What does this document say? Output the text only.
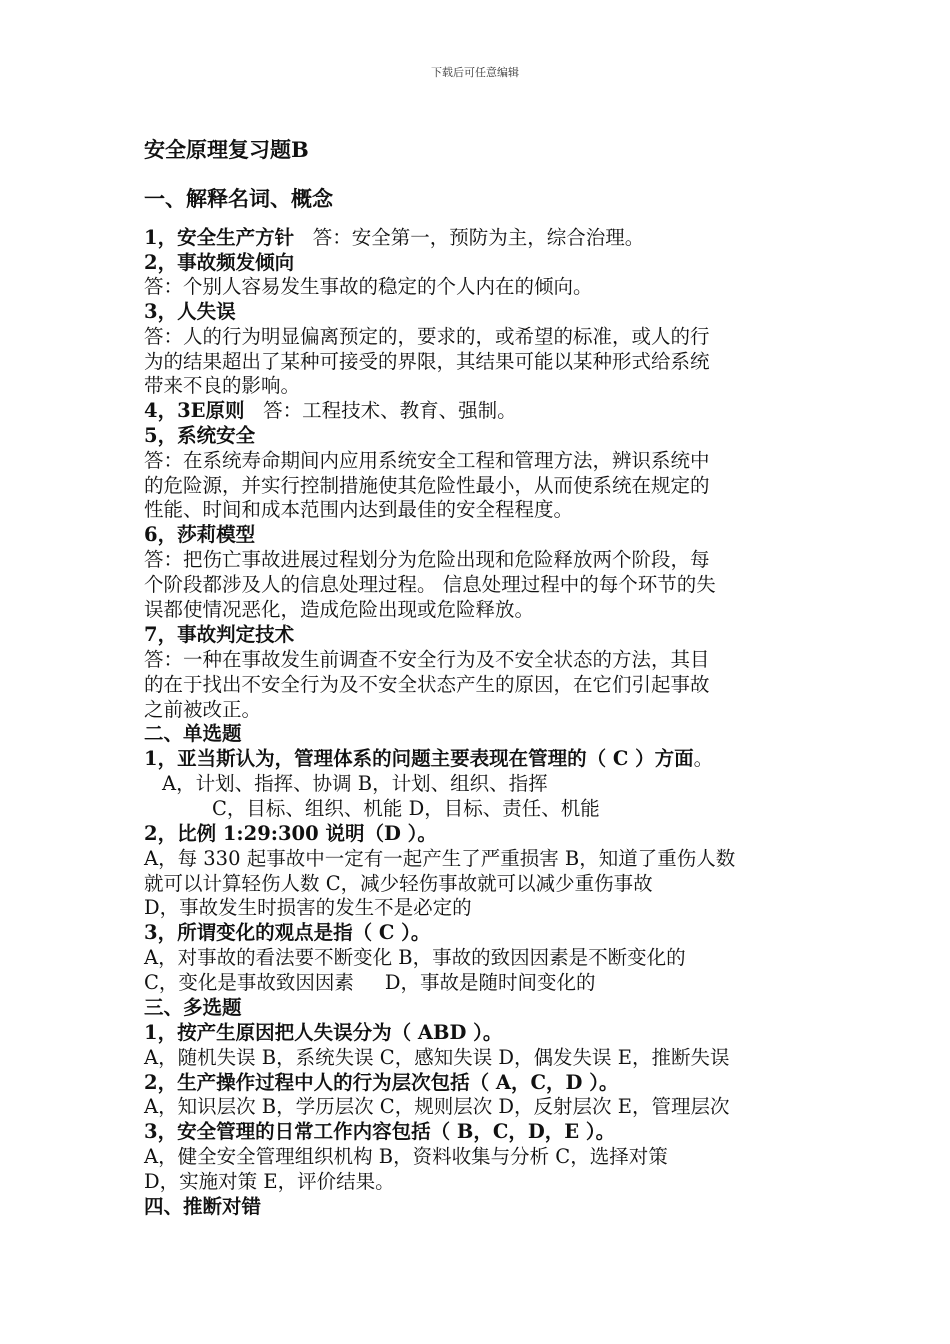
下载后可任意编辑
安全原理复习题B
一、解释名词、概念
1，安全生产方针 答：安全第一，预防为主，综合治理。
2，事故频发倾向
答：个别人容易发生事故的稳定的个人内在的倾向。
3，人失误
答：人的行为明显偏离预定的，要求的，或希望的标准，或人的行
为的结果超出了某种可接受的界限，其结果可能以某种形式给系统
带来不良的影响。
4，3E原则 答：工程技术、教育、强制。
5，系统安全
答：在系统寿命期间内应用系统安全工程和管理方法，辨识系统中
的危险源，并实行控制措施使其危险性最小，从而使系统在规定的
性能、时间和成本范围内达到最佳的安全程程度。
6，莎莉模型
答：把伤亡事故进展过程划分为危险出现和危险释放两个阶段，每
个阶段都涉及人的信息处理过程。 信息处理过程中的每个环节的失
误都使情况恶化，造成危险出现或危险释放。
7，事故判定技术
答：一种在事故发生前调查不安全行为及不安全状态的方法，其目
的在于找出不安全行为及不安全状态产生的原因，在它们引起事故
之前被改正。
二、单选题
1，亚当斯认为，管理体系的问题主要表现在管理的（ C ）方面。
A，计划、指挥、协调 B，计划、组织、指挥
C，目标、组织、机能 D，目标、责任、机能
2，比例 1:29:300 说明（D ）。
A，每 330 起事故中一定有一起产生了严重损害 B，知道了重伤人数
就可以计算轻伤人数 C，减少轻伤事故就可以减少重伤事故
D，事故发生时损害的发生不是必定的
3，所谓变化的观点是指（ C ）。
A，对事故的看法要不断变化 B，事故的致因因素是不断变化的
C，变化是事故致因因素     D，事故是随时间变化的
三、多选题
1，按产生原因把人失误分为（ ABD ）。
A，随机失误 B，系统失误 C，感知失误 D，偶发失误 E，推断失误
2，生产操作过程中人的行为层次包括（ A，C，D ）。
A，知识层次 B，学历层次 C，规则层次 D，反射层次 E，管理层次
3，安全管理的日常工作内容包括（ B，C，D，E ）。
A，健全安全管理组织机构 B，资料收集与分析 C，选择对策
D，实施对策 E，评价结果。
四、推断对错
